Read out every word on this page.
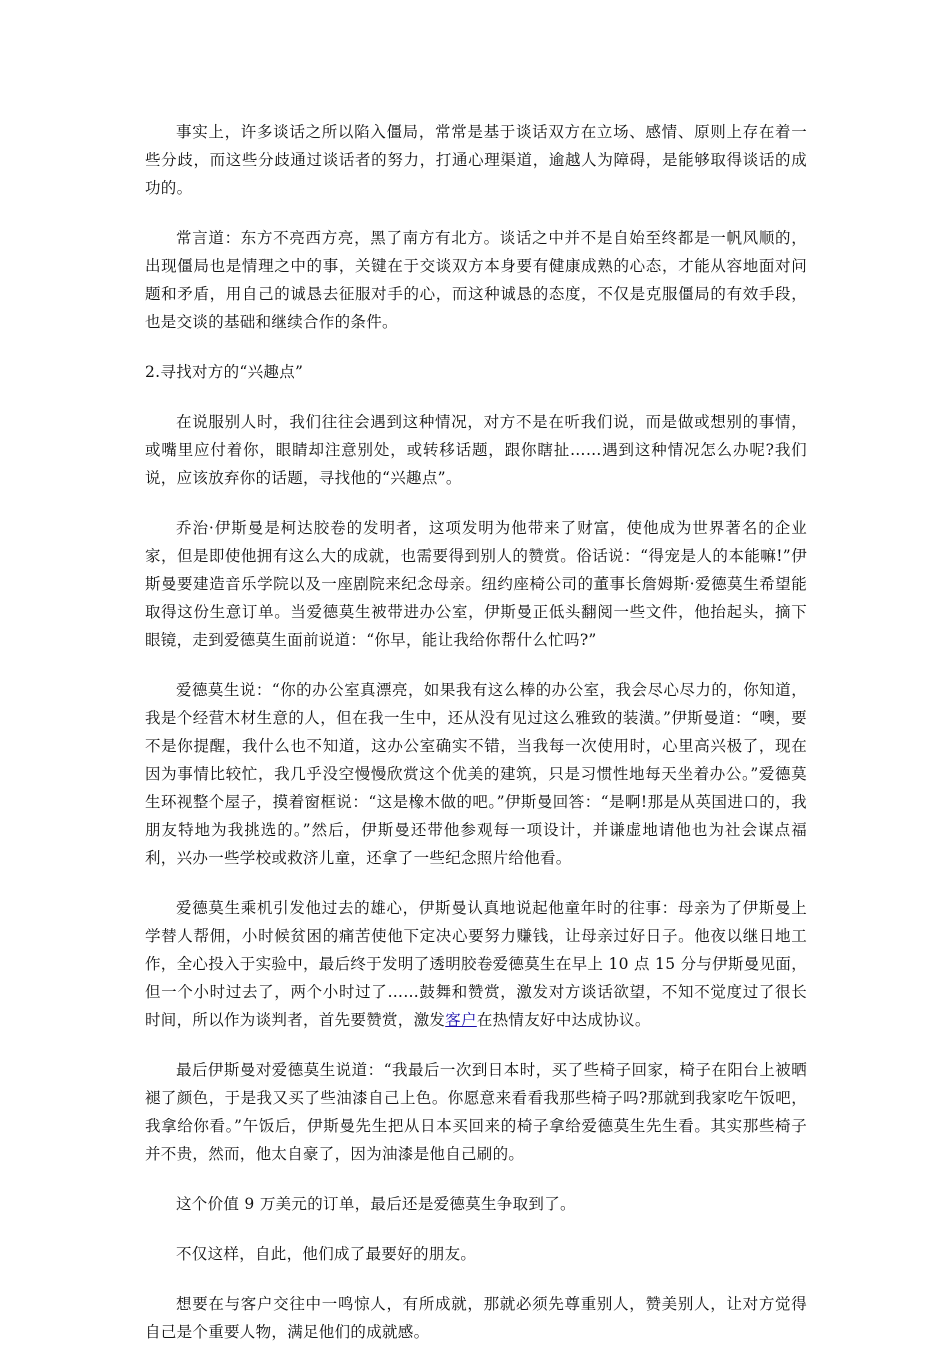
事实上，许多谈话之所以陷入僵局，常常是基于谈话双方在立场、感情、原则上存在着一些分歧，而这些分歧通过谈话者的努力，打通心理渠道，逾越人为障碍，是能够取得谈话的成功的。

常言道：东方不亮西方亮，黑了南方有北方。谈话之中并不是自始至终都是一帆风顺的，出现僵局也是情理之中的事，关键在于交谈双方本身要有健康成熟的心态，才能从容地面对问题和矛盾，用自己的诚恳去征服对手的心，而这种诚恳的态度，不仅是克服僵局的有效手段，也是交谈的基础和继续合作的条件。

2.寻找对方的“兴趣点”

在说服别人时，我们往往会遇到这种情况，对方不是在听我们说，而是做或想别的事情，或嘴里应付着你，眼睛却注意别处，或转移话题，跟你瞎扯……遇到这种情况怎么办呢?我们说，应该放弃你的话题，寻找他的“兴趣点”。

乔治·伊斯曼是柯达胶卷的发明者，这项发明为他带来了财富，使他成为世界著名的企业家，但是即使他拥有这么大的成就，也需要得到别人的赞赏。俗话说：“得宠是人的本能嘛!”伊斯曼要建造音乐学院以及一座剧院来纪念母亲。纽约座椅公司的董事长詹姆斯·爱德莫生希望能取得这份生意订单。当爱德莫生被带进办公室，伊斯曼正低头翻阅一些文件，他抬起头，摘下眼镜，走到爱德莫生面前说道：“你早，能让我给你帮什么忙吗?”

爱德莫生说：“你的办公室真漂亮，如果我有这么棒的办公室，我会尽心尽力的，你知道，我是个经营木材生意的人，但在我一生中，还从没有见过这么雅致的装潢。”伊斯曼道：“噢，要不是你提醒，我什么也不知道，这办公室确实不错，当我每一次使用时，心里高兴极了，现在因为事情比较忙，我几乎没空慢慢欣赏这个优美的建筑，只是习惯性地每天坐着办公。”爱德莫生环视整个屋子，摸着窗框说：“这是橡木做的吧。”伊斯曼回答：“是啊!那是从英国进口的，我朋友特地为我挑选的。”然后，伊斯曼还带他参观每一项设计，并谦虚地请他也为社会谋点福利，兴办一些学校或救济儿童，还拿了一些纪念照片给他看。

爱德莫生乘机引发他过去的雄心，伊斯曼认真地说起他童年时的往事：母亲为了伊斯曼上学替人帮佣，小时候贫困的痛苦使他下定决心要努力赚钱，让母亲过好日子。他夜以继日地工作，全心投入于实验中，最后终于发明了透明胶卷爱德莫生在早上 10 点 15 分与伊斯曼见面，但一个小时过去了，两个小时过了……鼓舞和赞赏，激发对方谈话欲望，不知不觉度过了很长时间，所以作为谈判者，首先要赞赏，激发客户在热情友好中达成协议。

最后伊斯曼对爱德莫生说道：“我最后一次到日本时，买了些椅子回家，椅子在阳台上被晒褪了颜色，于是我又买了些油漆自己上色。你愿意来看看我那些椅子吗?那就到我家吃午饭吧，我拿给你看。”午饭后，伊斯曼先生把从日本买回来的椅子拿给爱德莫生先生看。其实那些椅子并不贵，然而，他太自豪了，因为油漆是他自己刷的。

这个价值 9 万美元的订单，最后还是爱德莫生争取到了。

不仅这样，自此，他们成了最要好的朋友。

想要在与客户交往中一鸣惊人，有所成就，那就必须先尊重别人，赞美别人，让对方觉得自己是个重要人物，满足他们的成就感。
